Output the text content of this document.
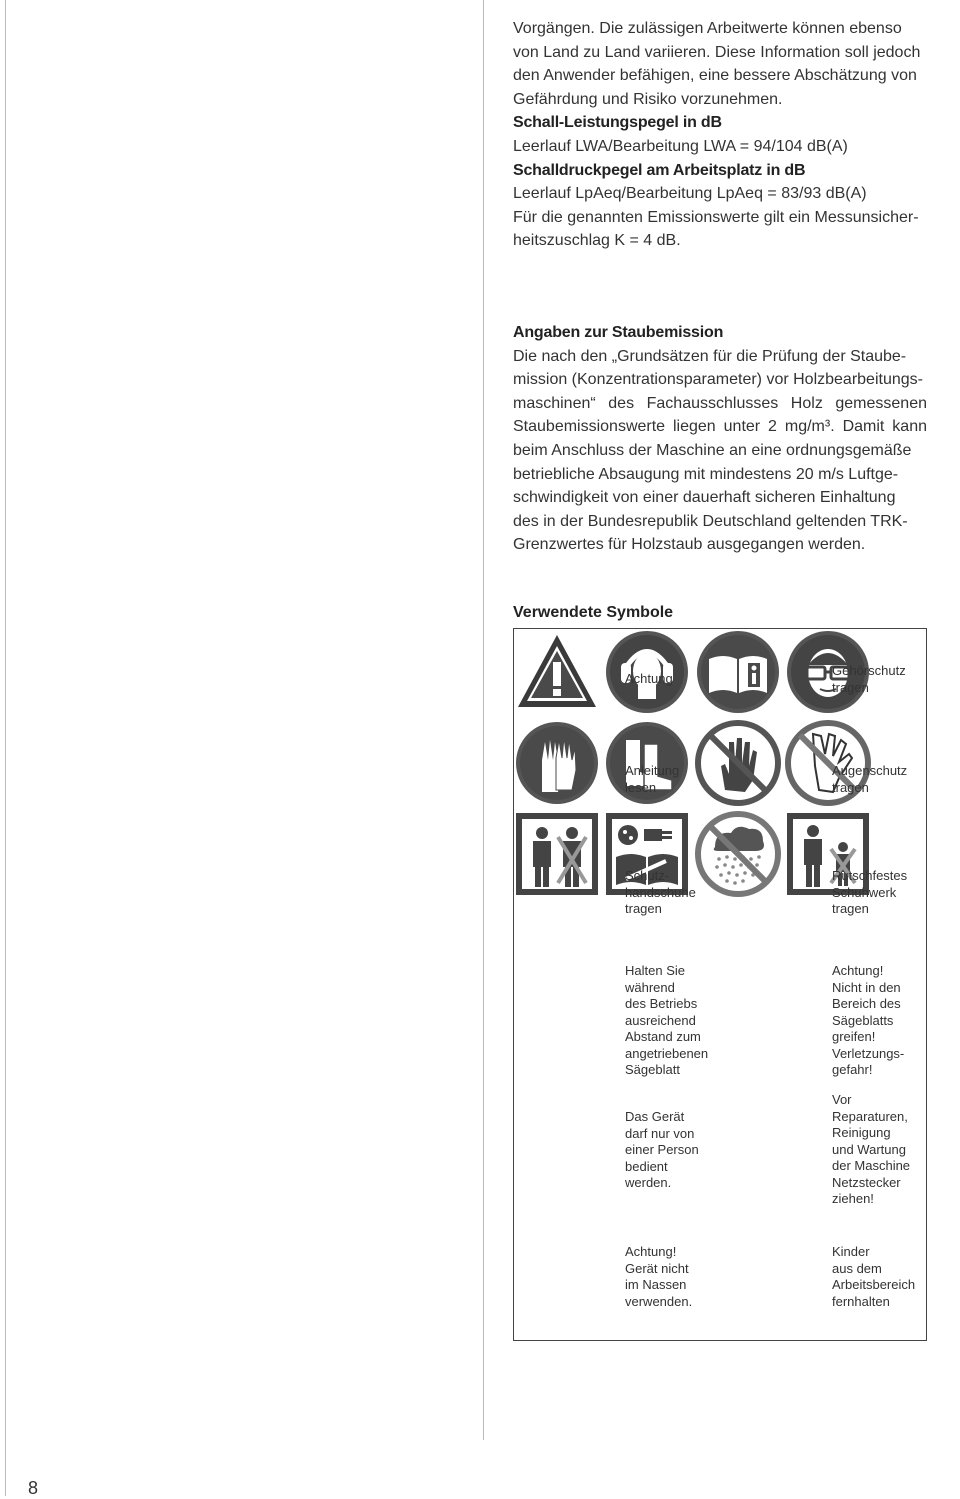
Vorgängen. Die zulässigen Arbeitwerte können ebenso

von Land zu Land variieren. Diese Information soll jedoch

den Anwender befähigen, eine bessere Abschätzung von

Gefährdung und Risiko vorzunehmen.

Schall-Leistungspegel in dB

Leerlauf LWA/Bearbeitung LWA = 94/104 dB(A)

Schalldruckpegel am Arbeitsplatz in dB

Leerlauf LpAeq/Bearbeitung LpAeq = 83/93 dB(A)

Für die genannten Emissionswerte gilt ein Messunsicher-

heitszuschlag K = 4 dB.

Angaben zur Staubemission

Die nach den „Grundsätzen für die Prüfung der Staube-

mission (Konzentrationsparameter) vor Holzbearbeitungs-

maschinen“ des Fachausschlusses Holz gemessenen

Staubemissionswerte liegen unter 2 mg/m³. Damit kann

beim Anschluss der Maschine an eine ordnungsgemäße

betriebliche Absaugung mit mindestens 20 m/s Luftge-

schwindigkeit von einer dauerhaft sicheren Einhaltung

des in der Bundesrepublik Deutschland geltenden TRK-

Grenzwertes für Holzstaub ausgegangen werden.

Verwendete Symbole

Achtung

Gehörschutz
tragen

Anleitung
lesen

Augenschutz
tragen

Schutz-
handschuhe
tragen

Rutschfestes
Schuhwerk
tragen

Halten Sie
während
des Betriebs
ausreichend
Abstand zum
angetriebenen
Sägeblatt

Achtung!
Nicht in den
Bereich des
Sägeblatts
greifen!
Verletzungs-
gefahr!

Das Gerät
darf nur von
einer Person
bedient
werden.

Vor
Reparaturen,
Reinigung
und Wartung
der Maschine
Netzstecker
ziehen!

Achtung!
Gerät nicht
im Nassen
verwenden.
Kinder
aus dem
Arbeitsbereich
fernhalten
8
